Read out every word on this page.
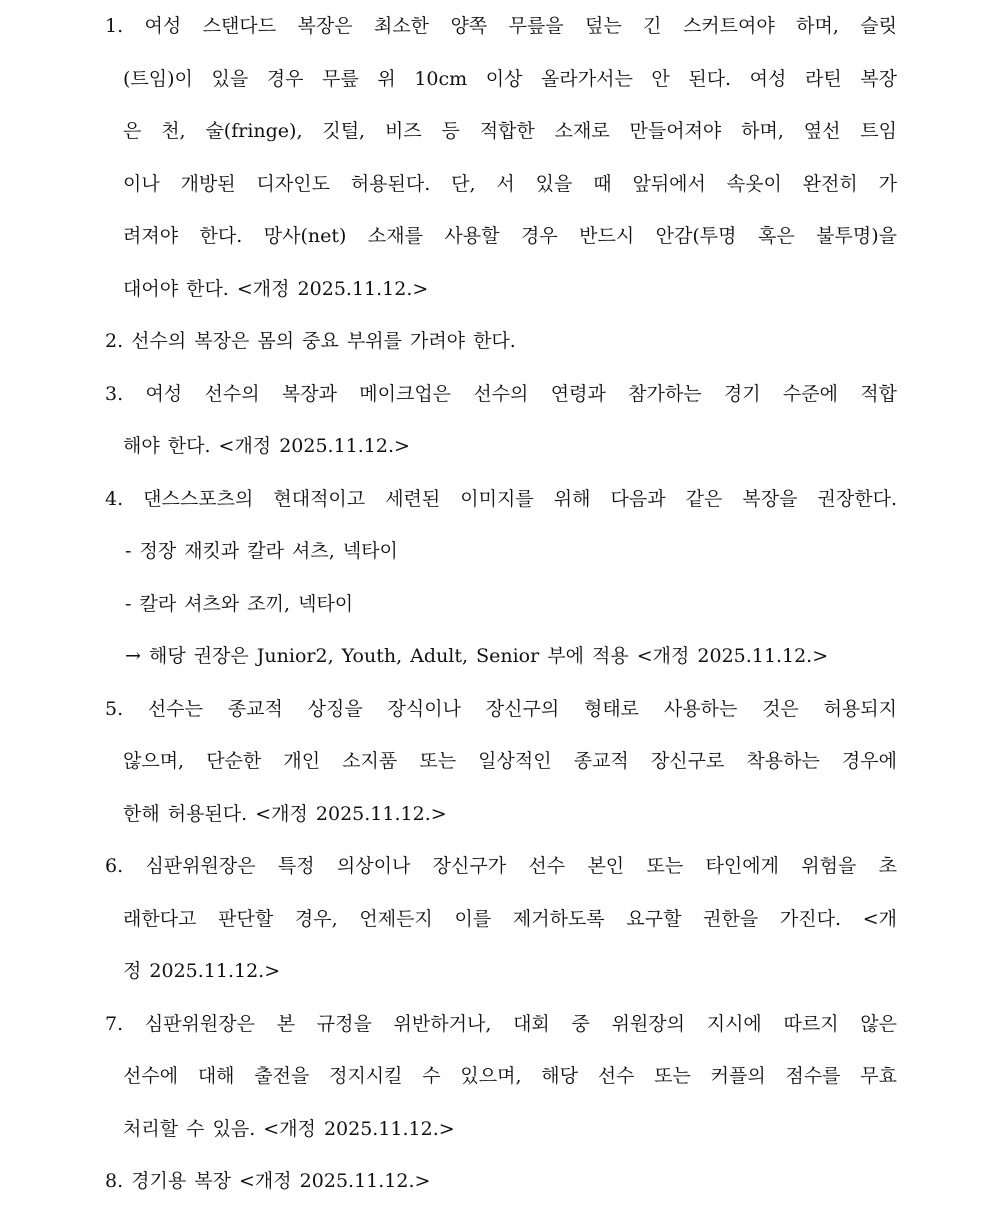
1. 여성 스탠다드 복장은 최소한 양쪽 무릎을 덮는 긴 스커트여야 하며, 슬릿
(트임)이 있을 경우 무릎 위 10cm 이상 올라가서는 안 된다. 여성 라틴 복장
은 천, 술(fringe), 깃털, 비즈 등 적합한 소재로 만들어져야 하며, 옆선 트임
이나 개방된 디자인도 허용된다. 단, 서 있을 때 앞뒤에서 속옷이 완전히 가
려져야 한다. 망사(net) 소재를 사용할 경우 반드시 안감(투명 혹은 불투명)을
대어야 한다. <개정 2025.11.12.>
2. 선수의 복장은 몸의 중요 부위를 가려야 한다.
3. 여성 선수의 복장과 메이크업은 선수의 연령과 참가하는 경기 수준에 적합
해야 한다. <개정 2025.11.12.>
4. 댄스스포츠의 현대적이고 세련된 이미지를 위해 다음과 같은 복장을 권장한다.
- 정장 재킷과 칼라 셔츠, 넥타이
- 칼라 셔츠와 조끼, 넥타이
→ 해당 권장은 Junior2, Youth, Adult, Senior 부에 적용 <개정 2025.11.12.>
5. 선수는 종교적 상징을 장식이나 장신구의 형태로 사용하는 것은 허용되지
않으며, 단순한 개인 소지품 또는 일상적인 종교적 장신구로 착용하는 경우에
한해 허용된다. <개정 2025.11.12.>
6. 심판위원장은 특정 의상이나 장신구가 선수 본인 또는 타인에게 위험을 초
래한다고 판단할 경우, 언제든지 이를 제거하도록 요구할 권한을 가진다. <개
정 2025.11.12.>
7. 심판위원장은 본 규정을 위반하거나, 대회 중 위원장의 지시에 따르지 않은
선수에 대해 출전을 정지시킬 수 있으며, 해당 선수 또는 커플의 점수를 무효
처리할 수 있음. <개정 2025.11.12.>
8. 경기용 복장 <개정 2025.11.12.>
